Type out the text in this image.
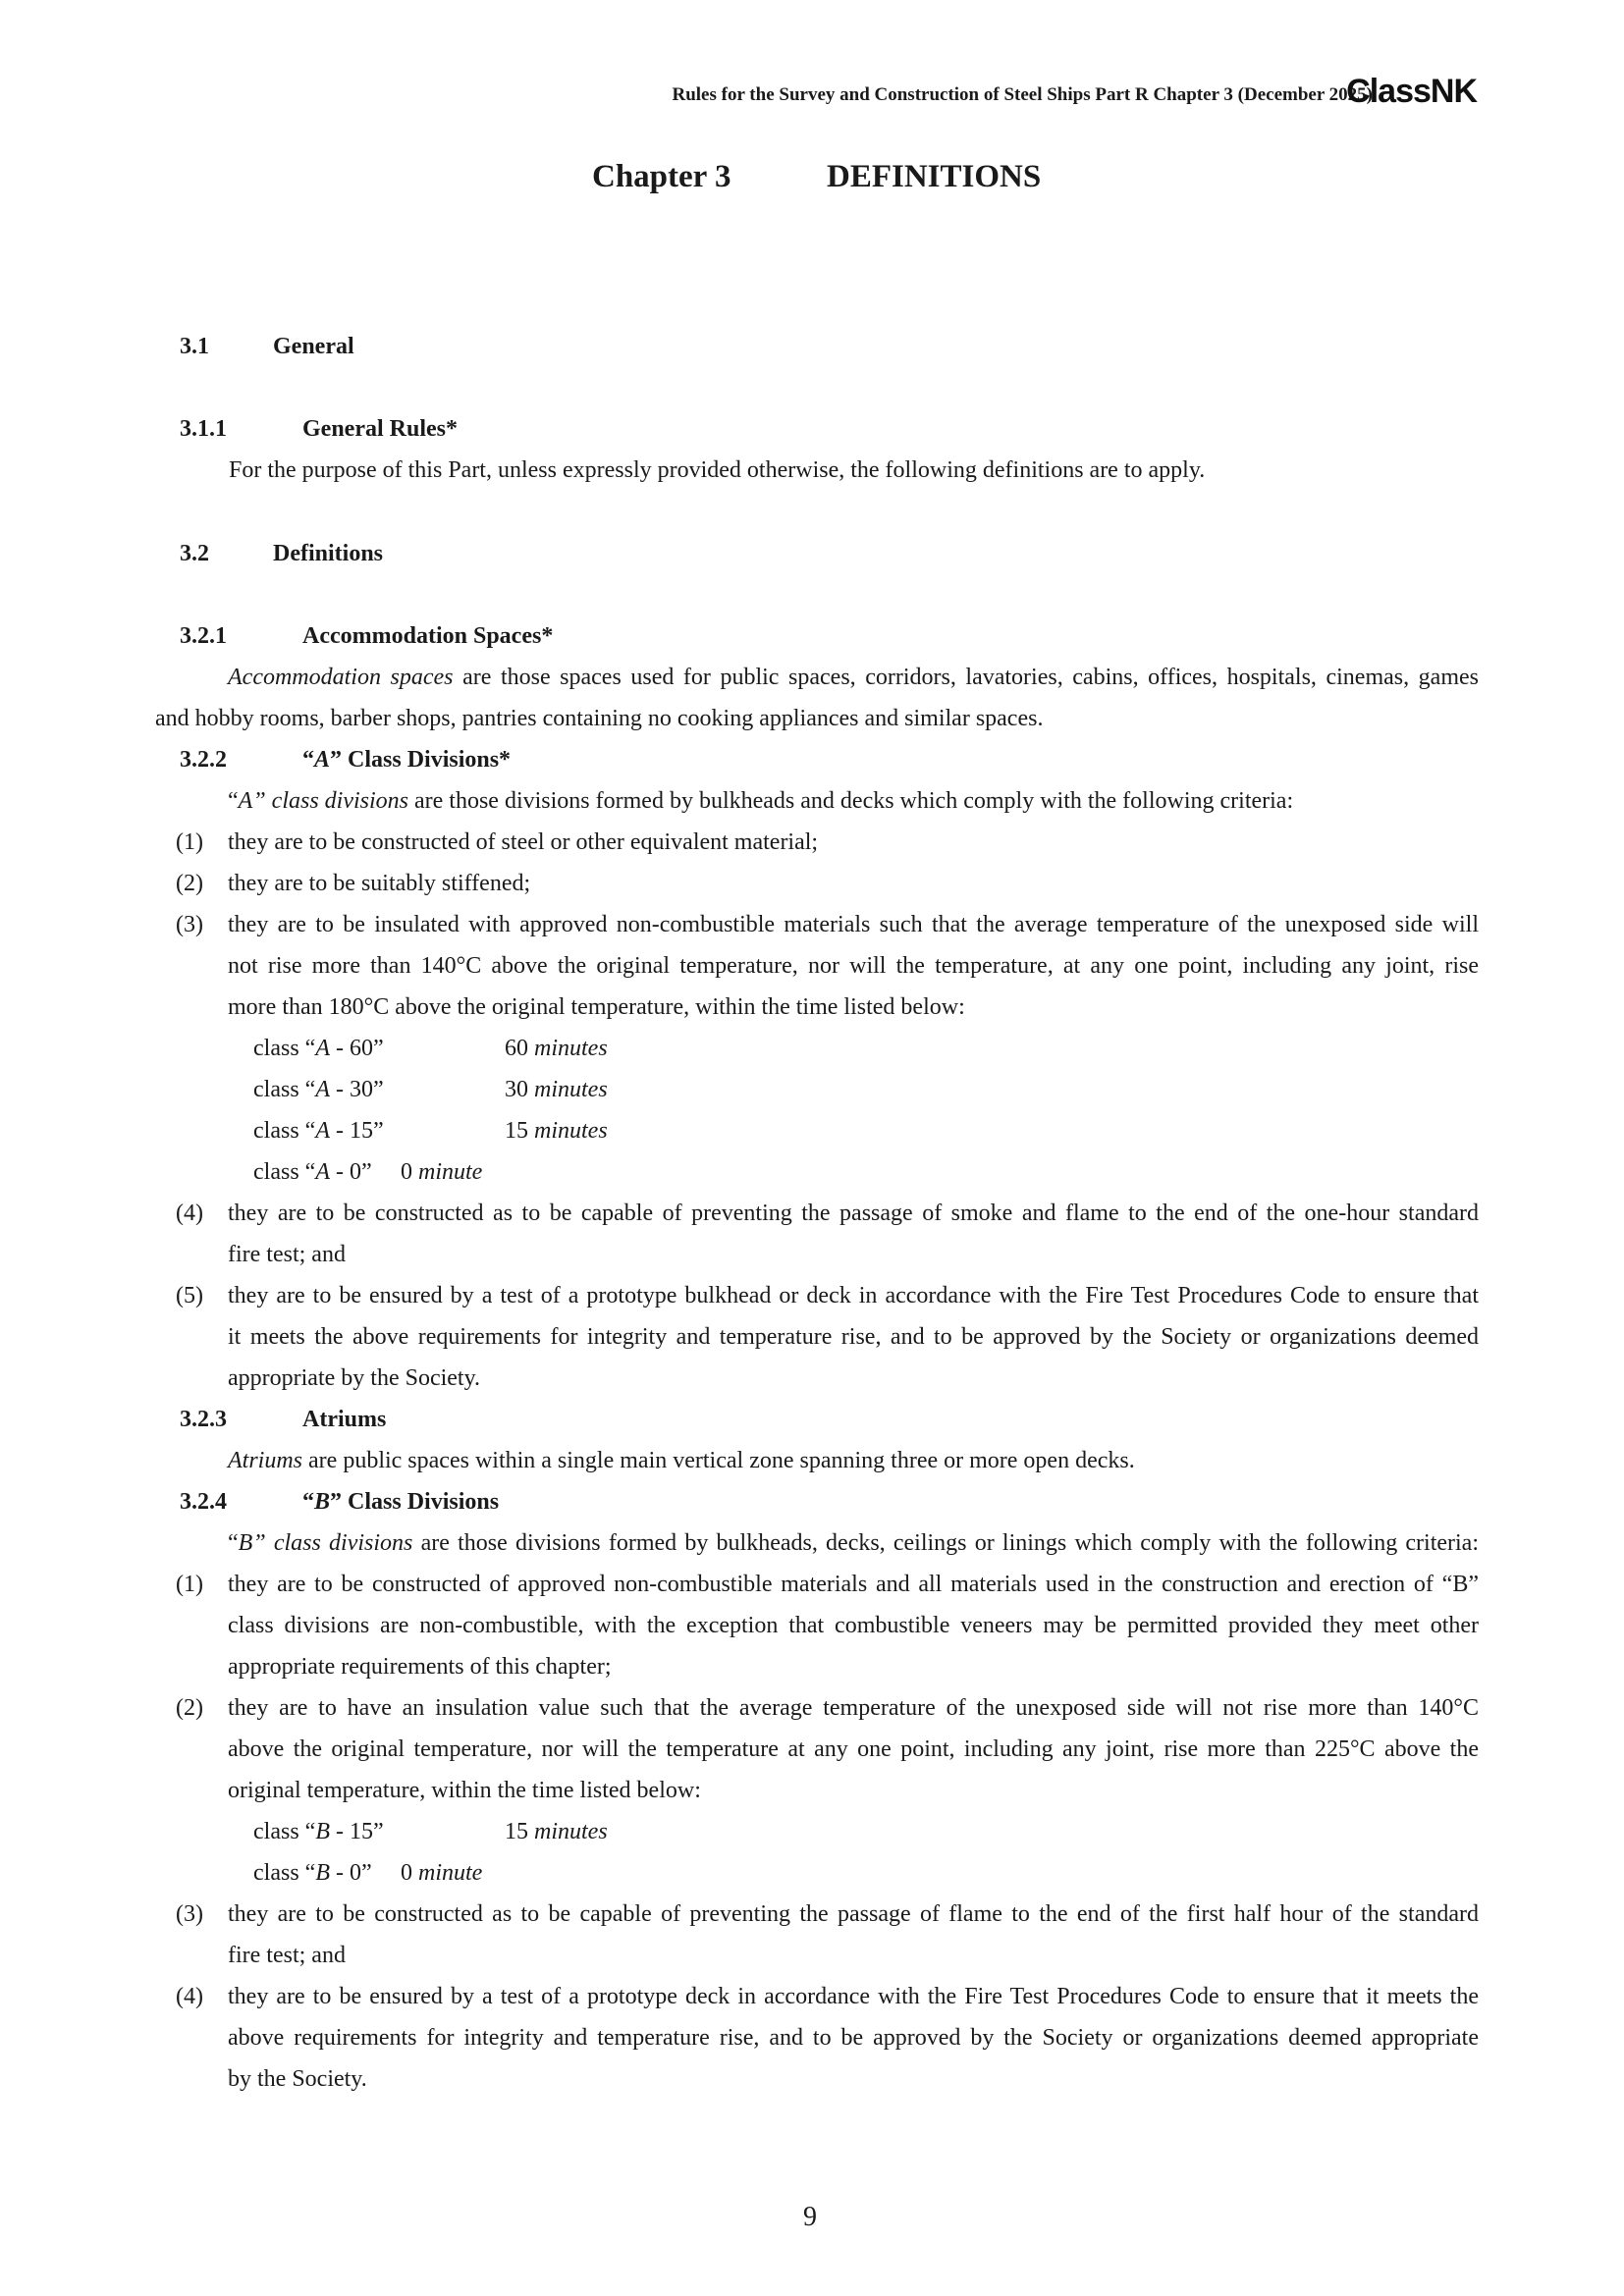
Rules for the Survey and Construction of Steel Ships Part R Chapter 3 (December 2025)
ClassNK
Chapter 3	DEFINITIONS
3.1	General
3.1.1	General Rules*
For the purpose of this Part, unless expressly provided otherwise, the following definitions are to apply.
3.2	Definitions
3.2.1	Accommodation Spaces*
Accommodation spaces are those spaces used for public spaces, corridors, lavatories, cabins, offices, hospitals, cinemas, games
and hobby rooms, barber shops, pantries containing no cooking appliances and similar spaces.
3.2.2	“A” Class Divisions*
“A” class divisions are those divisions formed by bulkheads and decks which comply with the following criteria:
(1) they are to be constructed of steel or other equivalent material;
(2) they are to be suitably stiffened;
(3) they are to be insulated with approved non-combustible materials such that the average temperature of the unexposed side will
not rise more than 140°C above the original temperature, nor will the temperature, at any one point, including any joint, rise
more than 180°C above the original temperature, within the time listed below:
class “A - 60”	60 minutes
class “A - 30”	30 minutes
class “A - 15”	15 minutes
class “A - 0” 0 minute
(4) they are to be constructed as to be capable of preventing the passage of smoke and flame to the end of the one-hour standard
fire test; and
(5) they are to be ensured by a test of a prototype bulkhead or deck in accordance with the Fire Test Procedures Code to ensure that
it meets the above requirements for integrity and temperature rise, and to be approved by the Society or organizations deemed
appropriate by the Society.
3.2.3	Atriums
Atriums are public spaces within a single main vertical zone spanning three or more open decks.
3.2.4	“B” Class Divisions
“B” class divisions are those divisions formed by bulkheads, decks, ceilings or linings which comply with the following criteria:
(1) they are to be constructed of approved non-combustible materials and all materials used in the construction and erection of “B”
class divisions are non-combustible, with the exception that combustible veneers may be permitted provided they meet other
appropriate requirements of this chapter;
(2) they are to have an insulation value such that the average temperature of the unexposed side will not rise more than 140°C
above the original temperature, nor will the temperature at any one point, including any joint, rise more than 225°C above the
original temperature, within the time listed below:
class “B - 15”	15 minutes
class “B - 0” 0 minute
(3) they are to be constructed as to be capable of preventing the passage of flame to the end of the first half hour of the standard
fire test; and
(4) they are to be ensured by a test of a prototype deck in accordance with the Fire Test Procedures Code to ensure that it meets the
above requirements for integrity and temperature rise, and to be approved by the Society or organizations deemed appropriate
by the Society.
9
